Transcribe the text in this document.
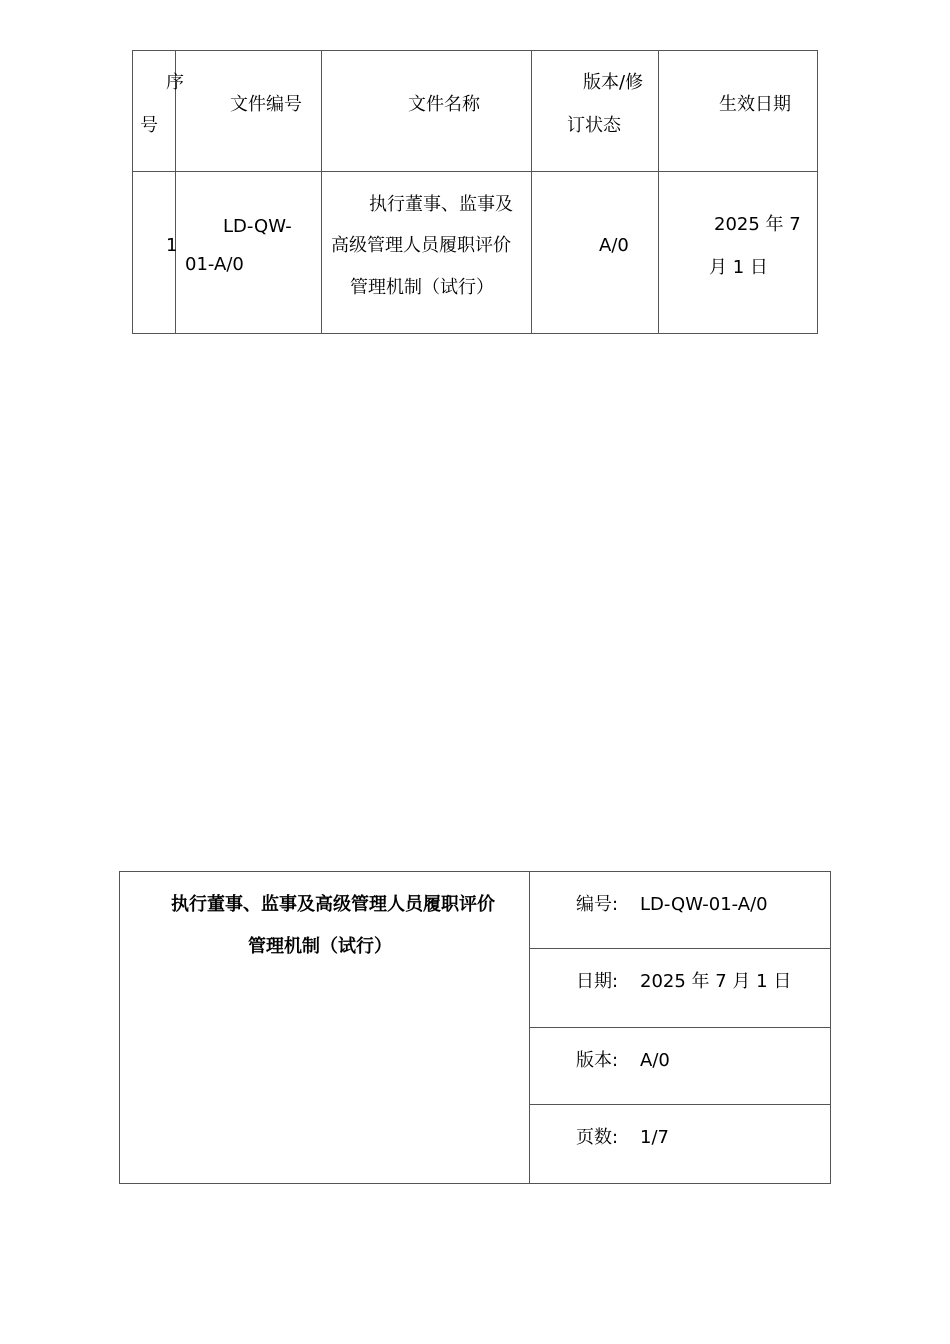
序
号
文件编号	文件名称
版本/修
订状态
生效日期
1
LD-QW-
01-A/0
执行董事、监事及
高级管理人员履职评价
管理机制（试行）
A/0
2025 年 7
月 1 日
执行董事、监事及高级管理人员履职评价
管理机制（试行）
编号: LD-QW-01-A/0
日期: 2025 年 7 月 1 日
版本: A/0
页数: 1/7
